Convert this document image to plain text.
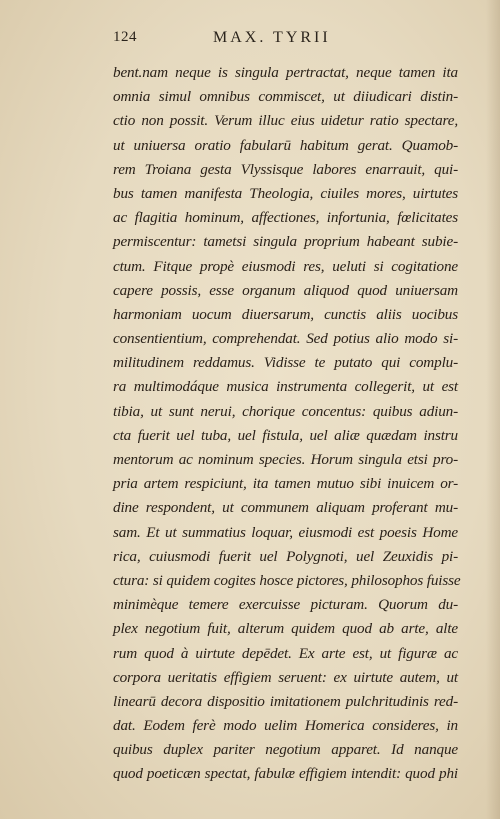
124	MAX. TYRII
bent.nam neque is singula pertractat, neque tamen ita
omnia simul omnibus commiscet, ut diiudicari distin-
ctio non possit. Verum illuc eius uidetur ratio spectare,
ut uniuersa oratio fabularū habitum gerat. Quamob-
rem Troiana gesta Vlyssisque labores enarrauit, qui-
bus tamen manifesta Theologia, ciuiles mores, uirtutes
ac flagitia hominum, affectiones, infortunia, fœlicitates
permiscentur: tametsi singula proprium habeant subie-
ctum. Fitque propè eiusmodi res, ueluti si cogitatione
capere possis, esse organum aliquod quod uniuersam
harmoniam uocum diuersarum, cunctis aliis uocibus
consentientium, comprehendat. Sed potius alio modo si-
militudinem reddamus. Vidisse te putato qui complu-
ra multimodáque musica instrumenta collegerit, ut est
tibia, ut sunt nerui, chorique concentus: quibus adiun-
cta fuerit uel tuba, uel fistula, uel aliæ quædam instru
mentorum ac nominum species. Horum singula etsi pro-
pria artem respiciunt, ita tamen mutuo sibi inuicem or-
dine respondent, ut communem aliquam proferant mu-
sam. Et ut summatius loquar, eiusmodi est poesis Home
rica, cuiusmodi fuerit uel Polygnoti, uel Zeuxidis pi-
ctura: si quidem cogites hosce pictores, philosophos fuisse
minimèque temere exercuisse picturam. Quorum du-
plex negotium fuit, alterum quidem quod ab arte, alte
rum quod à uirtute depēdet. Ex arte est, ut figuræ ac
corpora ueritatis effigiem seruent: ex uirtute autem, ut
linearū decora dispositio imitationem pulchritudinis red-
dat. Eodem ferè modo uelim Homerica consideres, in
quibus duplex pariter negotium apparet. Id nanque
quod poeticæn spectat, fabulæ effigiem intendit: quod phi
